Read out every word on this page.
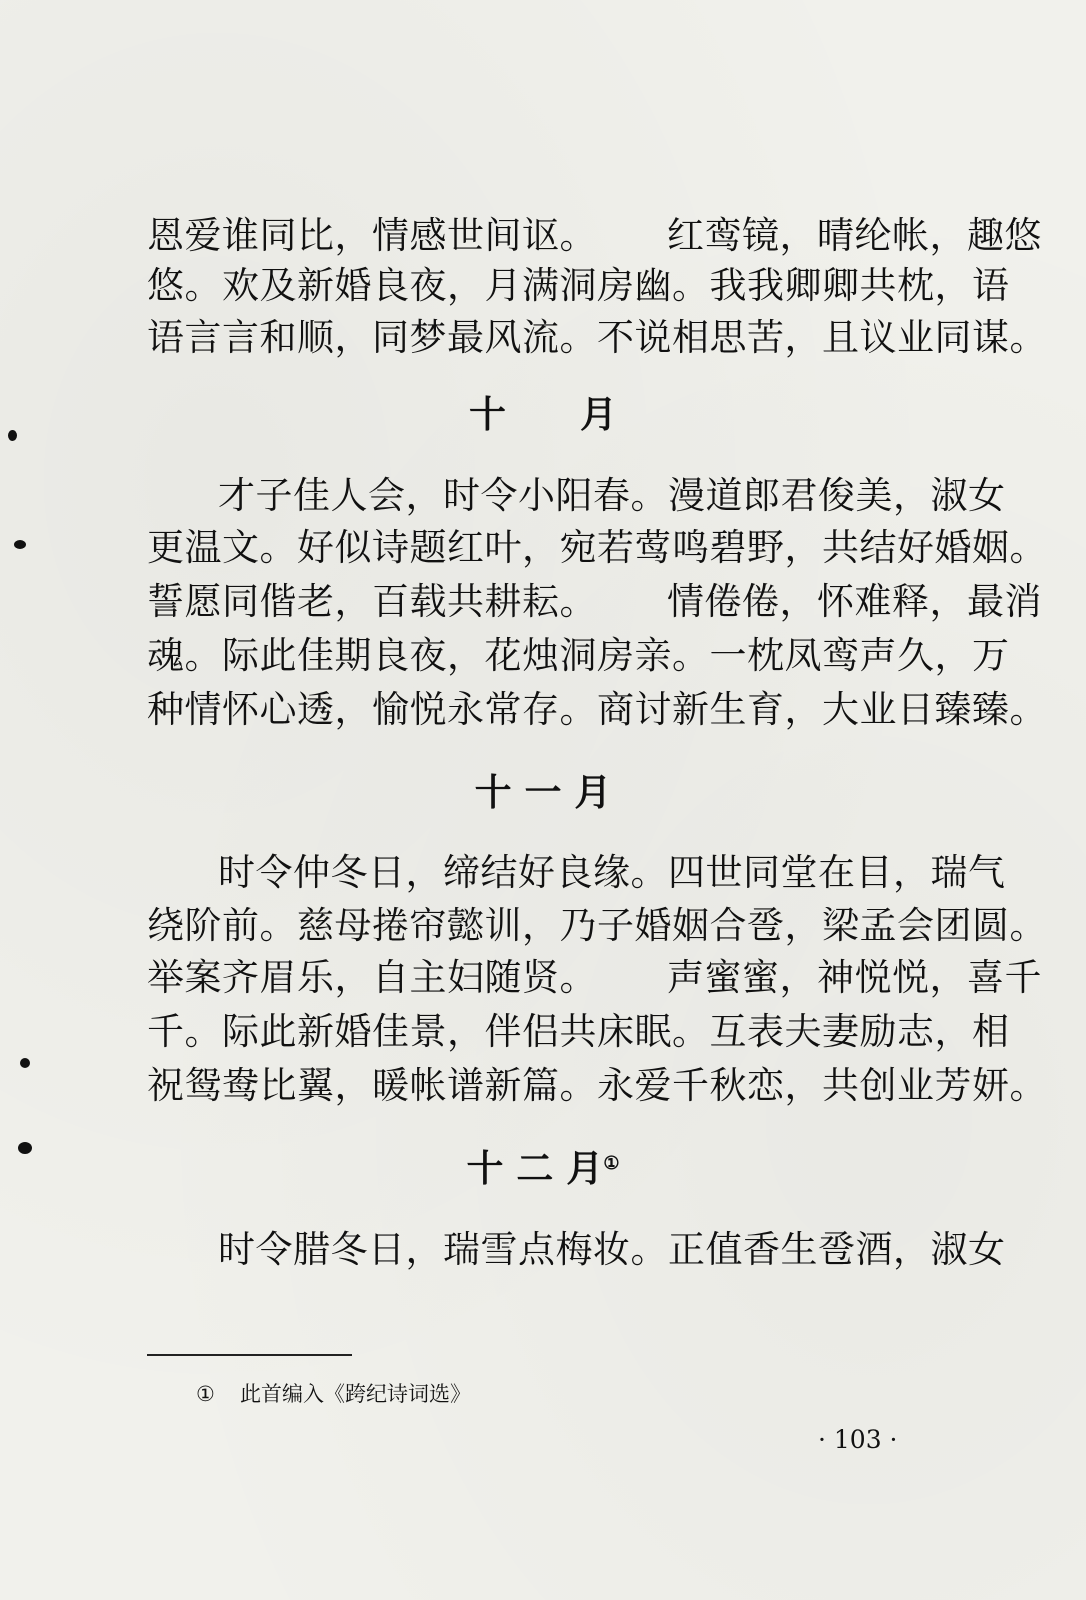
恩爱谁同比，情感世间讴。 红鸾镜，晴纶帐，趣悠
悠。欢及新婚良夜，月满洞房幽。我我卿卿共枕，语
语言言和顺，同梦最风流。不说相思苦，且议业同谋。
十　　月
才子佳人会，时令小阳春。漫道郎君俊美，淑女
更温文。好似诗题红叶，宛若莺鸣碧野，共结好婚姻。
誓愿同偕老，百载共耕耘。 情倦倦，怀难释，最消
魂。际此佳期良夜，花烛洞房亲。一枕凤鸾声久，万
种情怀心透，愉悦永常存。商讨新生育，大业日臻臻。
十 一 月
时令仲冬日，缔结好良缘。四世同堂在目，瑞气
绕阶前。慈母捲帘懿训，乃子婚姻合卺，梁孟会团圆。
举案齐眉乐，自主妇随贤。 声蜜蜜，神悦悦，喜千
千。际此新婚佳景，伴侣共床眠。互表夫妻励志，相
祝鸳鸯比翼，暖帐谱新篇。永爱千秋恋，共创业芳妍。
十 二 月①
时令腊冬日，瑞雪点梅妆。正值香生卺酒，淑女
① 此首编入《跨纪诗词选》
· 103 ·
